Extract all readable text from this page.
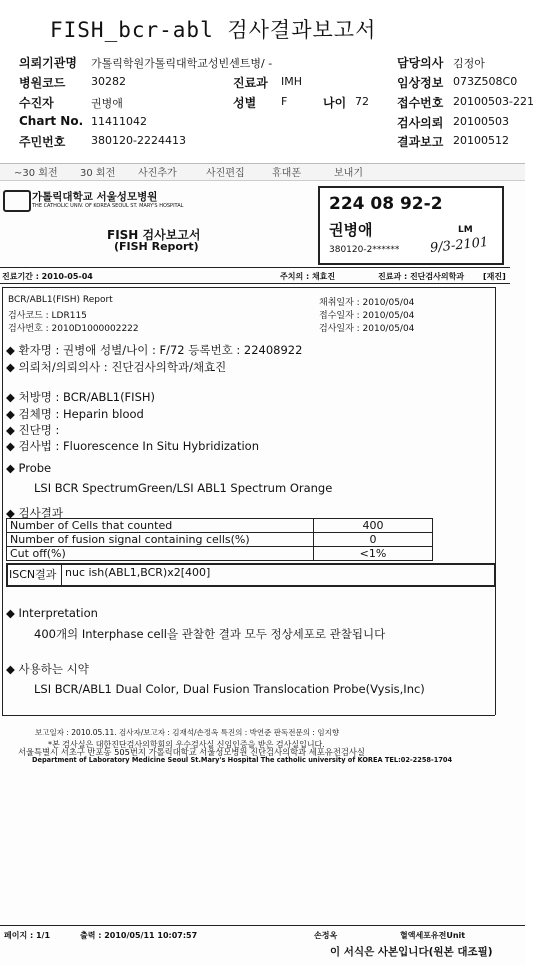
FISH_bcr-abl 검사결과보고서
의뢰기관명 가톨릭학원가톨릭대학교성빈센트병/ -	담당의사 김정아
병원코드 30282	진료과 IMH	임상정보 073Z508C0
수진자	권병애	성별 F	나이 72 접수번호 20100503-221
Chart No. 11411042	검사의뢰 20100503
주민번호 380120-2224413	결과보고 20100512
~30 회전 30 회전 사진추가	사진편집	휴대폰	보내기
가톨릭대학교 서울성모병원
THE CATHOLIC UNIV. OF KOREA SEOUL ST. MARY'S HOSPITAL
FISH 검사보고서
(FISH Report)
224 08 92-2
권병애	LM
380120-2****** 9/3-2101
진료기간 : 2010-05-04	주치의 : 채효진	진료과 : 진단검사의학과 [재진]
BCR/ABL1(FISH) Report
검사코드 : LDR115
검사번호 : 2010D1000002222
채취일자 : 2010/05/04
접수일자 : 2010/05/04
검사일자 : 2010/05/04
◆ 환자명 : 권병애 성별/나이 : F/72 등록번호 : 22408922
◆ 의뢰처/의뢰의사 : 진단검사의학과/채효진
◆ 처방명 : BCR/ABL1(FISH)
◆ 검체명 : Heparin blood
◆ 진단명 :
◆ 검사법 : Fluorescence In Situ Hybridization
◆ Probe
LSI BCR SpectrumGreen/LSI ABL1 Spectrum Orange
◆ 검사결과
Number of Cells that counted	400
Number of fusion signal containing cells(%)	0
Cut off(%)	<1%
ISCN결과 nuc ish(ABL1,BCR)x2[400]
◆ Interpretation
400개의 Interphase cell을 관찰한 결과 모두 정상세포로 관찰됩니다
◆ 사용하는 시약
LSI BCR/ABL1 Dual Color, Dual Fusion Translocation Probe(Vysis,Inc)
보고일자 : 2010.05.11. 검사자/보고자 : 김재석/손정옥 특진의 : 박연준 판독전문의 : 임지향
*본 검사실은 대한진단검사의학회의 우수검사실 신임인증을 받은 검사실입니다.
서울특별시 서초구 반포동 505번지 가톨릭대학교 서울성모병원 진단검사의학과 세포유전검사실
Department of Laboratory Medicine Seoul St.Mary's Hospital The catholic university of KOREA TEL:02-2258-1704
페이지 : 1/1	출력 : 2010/05/11 10:07:57	손정옥	혈액세포유전Unit
이 서식은 사본입니다(원본 대조필)
